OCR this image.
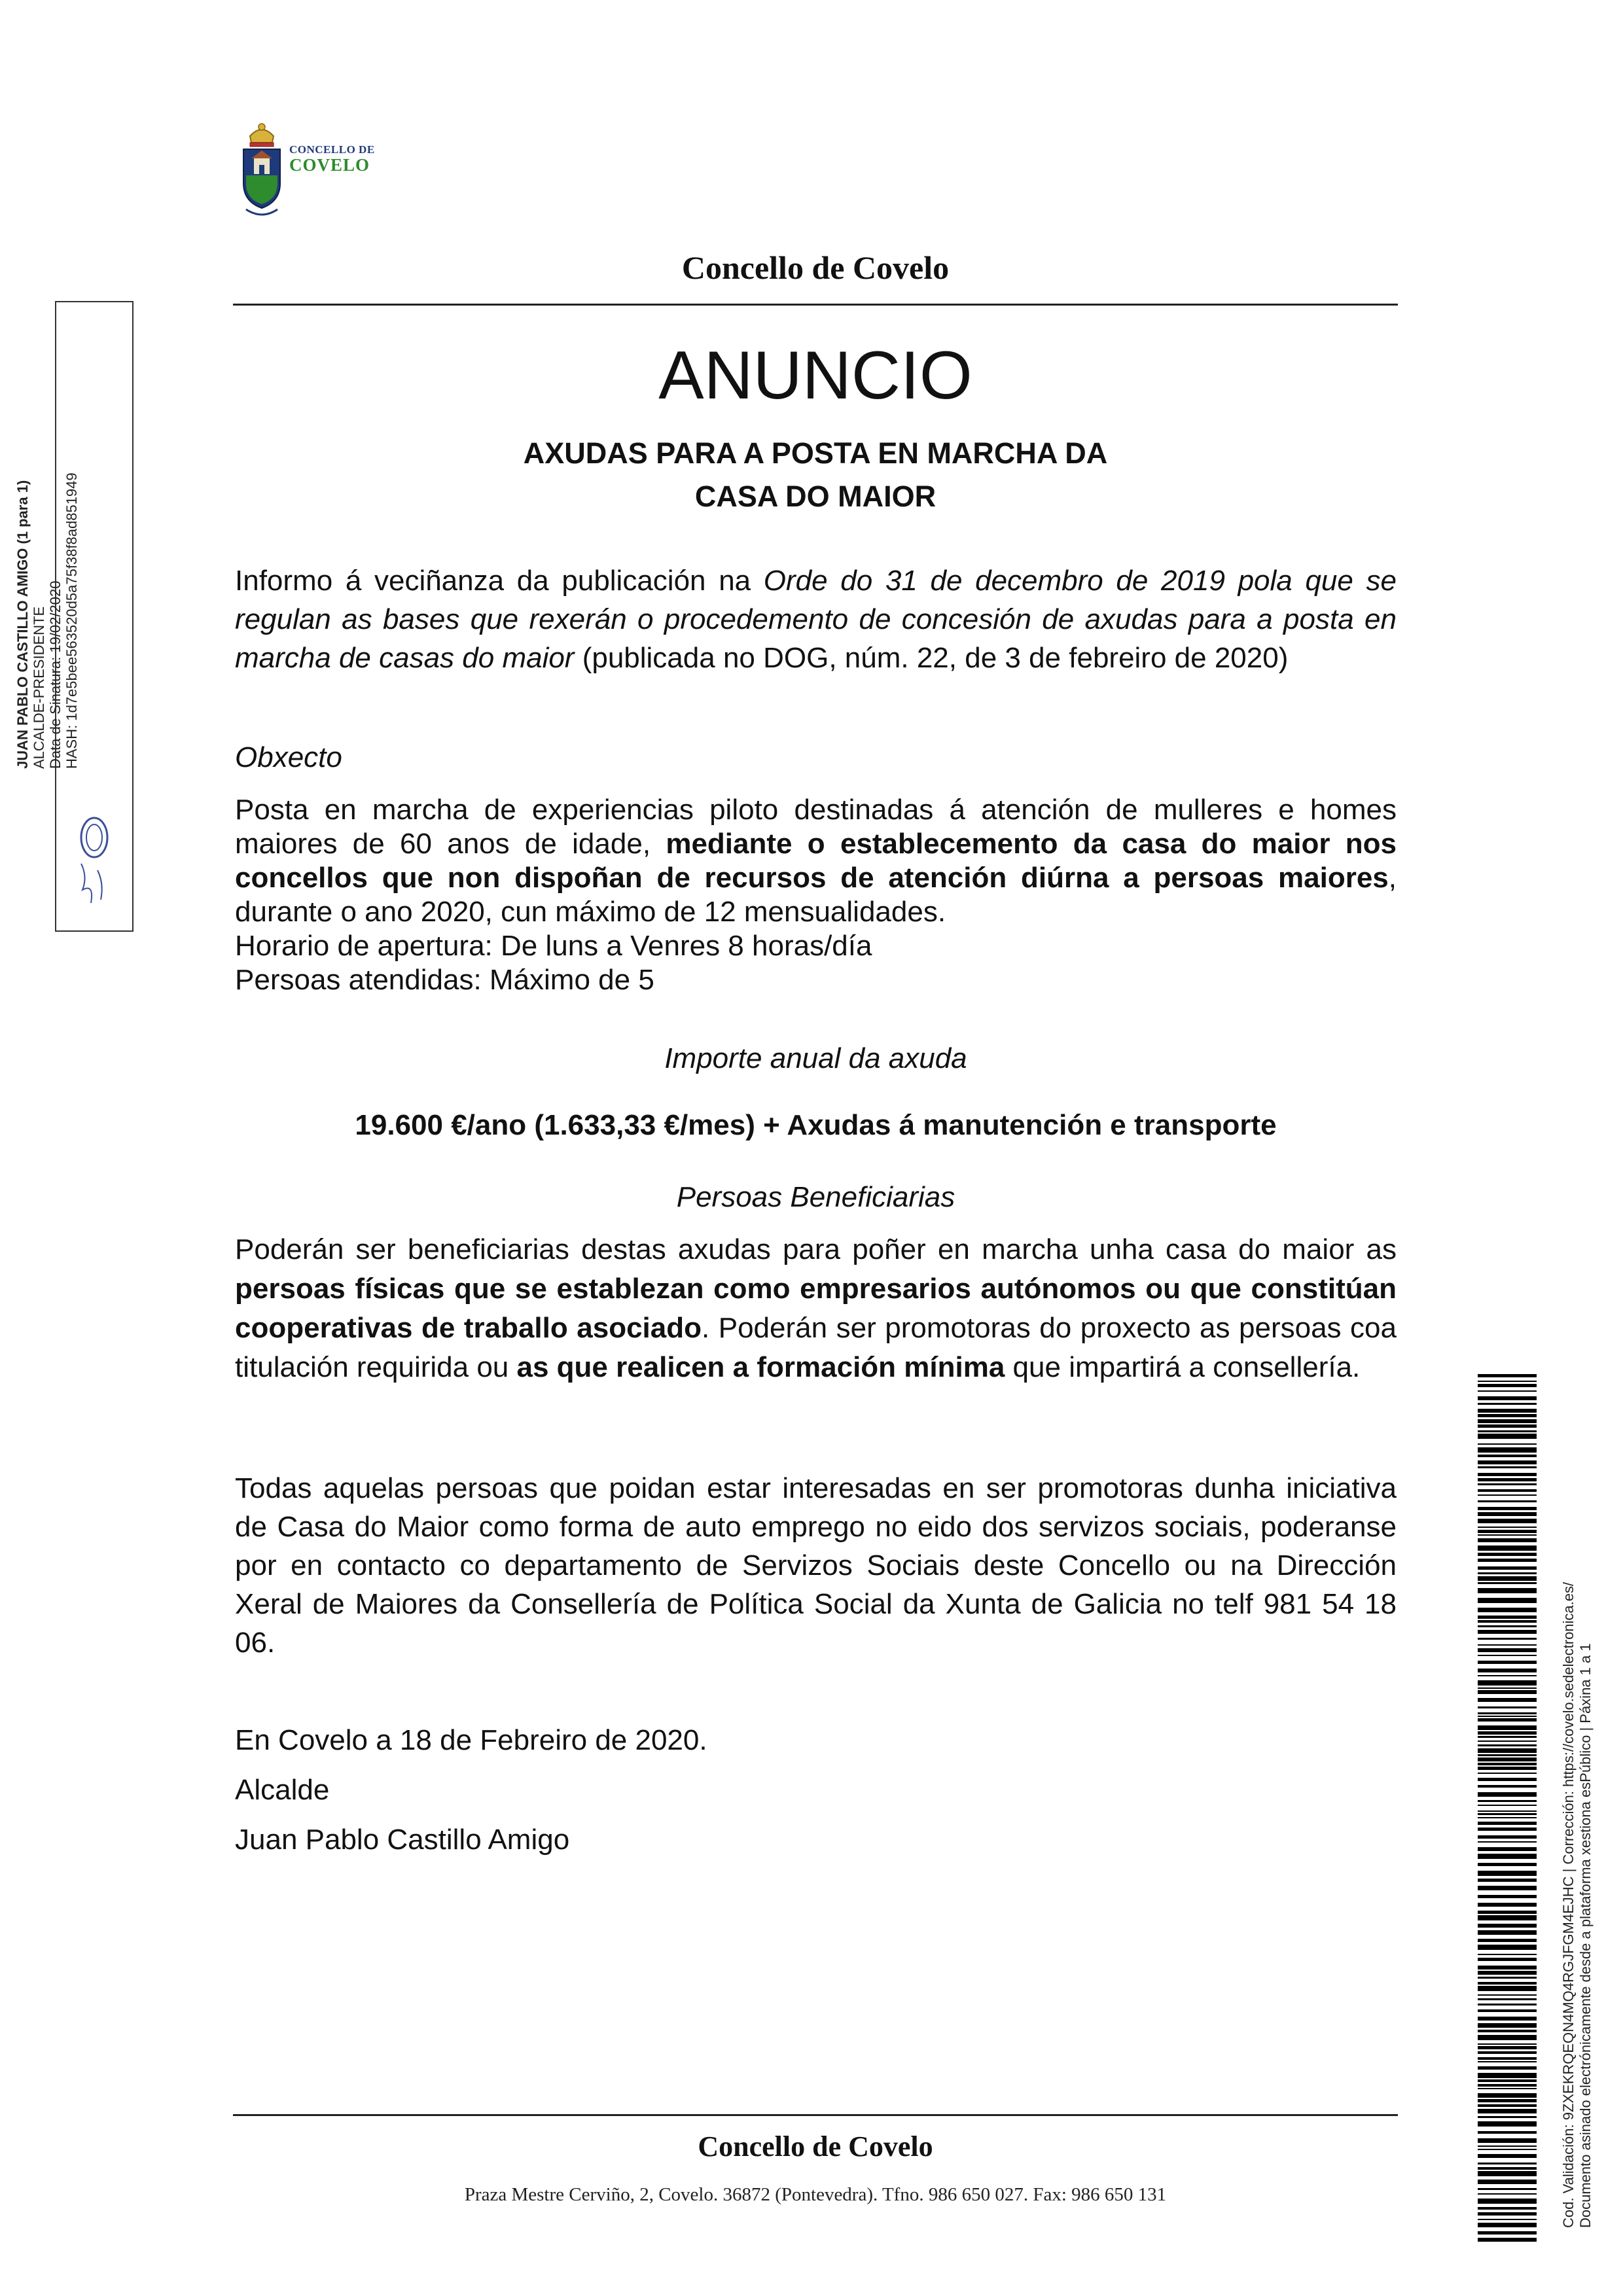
CONCELLO DE
COVELO
Concello de Covelo
ANUNCIO
AXUDAS PARA A POSTA EN MARCHA DA
CASA DO MAIOR
Informo á veciñanza da publicación na Orde do 31 de decembro de 2019 pola que se regulan as bases que rexerán o procedemento de concesión de axudas para a posta en marcha de casas do maior (publicada no DOG, núm. 22, de 3 de febreiro de 2020)
Obxecto
Posta en marcha de experiencias piloto destinadas á atención de mulleres e homes maiores de 60 anos de idade, mediante o establecemento da casa do maior nos concellos que non dispoñan de recursos de atención diúrna a persoas maiores, durante o ano 2020, cun máximo de 12 mensualidades.
Horario de apertura: De luns a Venres 8 horas/día
Persoas atendidas: Máximo de 5
Importe anual da axuda
19.600 €/ano (1.633,33 €/mes) + Axudas á manutención e transporte
Persoas Beneficiarias
Poderán ser beneficiarias destas axudas para poñer en marcha unha casa do maior as persoas físicas que se establezan como empresarios autónomos ou que constitúan cooperativas de traballo asociado. Poderán ser promotoras do proxecto as persoas coa titulación requirida ou as que realicen a formación mínima que impartirá a consellería.
Todas aquelas persoas que poidan estar interesadas en ser promotoras dunha iniciativa de Casa do Maior como forma de auto emprego no eido dos servizos sociais, poderanse por en contacto co departamento de Servizos Sociais deste Concello ou na Dirección Xeral de Maiores da Consellería de Política Social da Xunta de Galicia no telf 981 54 18 06.
En Covelo a 18 de Febreiro de 2020.
Alcalde
Juan Pablo Castillo Amigo
Concello de Covelo
Praza Mestre Cerviño, 2, Covelo. 36872 (Pontevedra). Tfno. 986 650 027. Fax: 986 650 131
JUAN PABLO CASTILLO AMIGO (1 para 1) ALCALDE-PRESIDENTE Data de Sinatura: 19/02/2020 HASH: 1d7e5bee563520d5a75f38f8ad851949
Cod. Validación: 9ZXEKRQEQN4MQ4RGJFGM4EJHC | Corrección: https://covelo.sedelectronica.es/ Documento asinado electrónicamente desde a plataforma xestiona esPúblico | Páxina 1 a 1
